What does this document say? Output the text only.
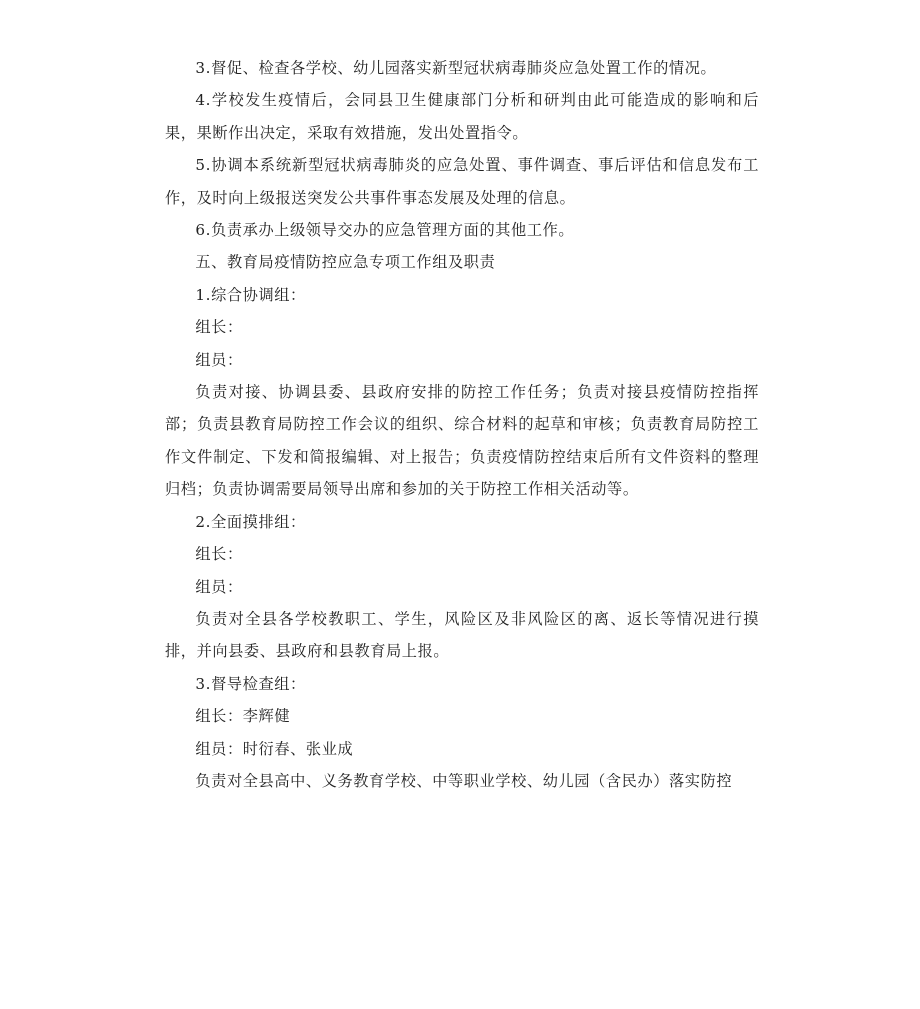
3.督促、检查各学校、幼儿园落实新型冠状病毒肺炎应急处置工作的情况。

4.学校发生疫情后，会同县卫生健康部门分析和研判由此可能造成的影响和后果，果断作出决定，采取有效措施，发出处置指令。

5.协调本系统新型冠状病毒肺炎的应急处置、事件调查、事后评估和信息发布工作，及时向上级报送突发公共事件事态发展及处理的信息。

6.负责承办上级领导交办的应急管理方面的其他工作。

五、教育局疫情防控应急专项工作组及职责

1.综合协调组：

组长：

组员：

负责对接、协调县委、县政府安排的防控工作任务；负责对接县疫情防控指挥部；负责县教育局防控工作会议的组织、综合材料的起草和审核；负责教育局防控工作文件制定、下发和简报编辑、对上报告；负责疫情防控结束后所有文件资料的整理归档；负责协调需要局领导出席和参加的关于防控工作相关活动等。

2.全面摸排组：

组长：

组员：

负责对全县各学校教职工、学生，风险区及非风险区的离、返长等情况进行摸排，并向县委、县政府和县教育局上报。

3.督导检查组：

组长：李辉健

组员：时衍春、张业成

负责对全县高中、义务教育学校、中等职业学校、幼儿园（含民办）落实防控
